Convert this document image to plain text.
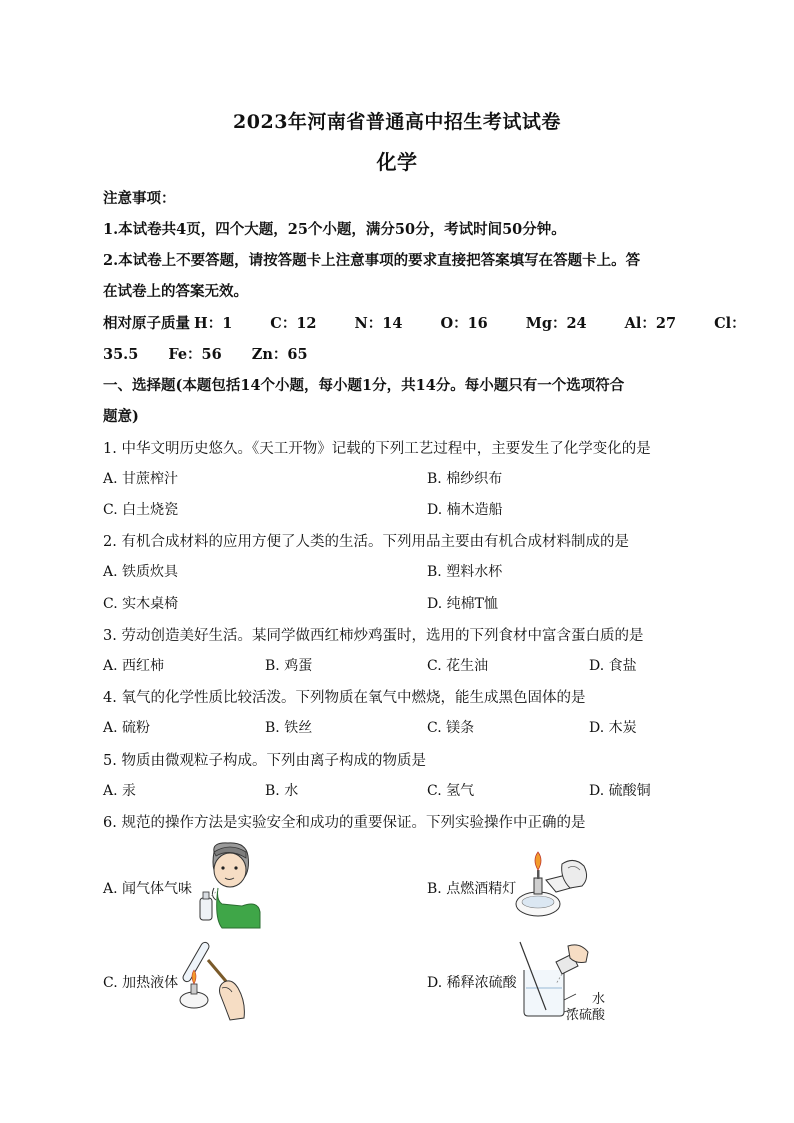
2023年河南省普通高中招生考试试卷
化学
注意事项：
1.本试卷共4页，四个大题，25个小题，满分50分，考试时间50分钟。
2.本试卷上不要答题，请按答题卡上注意事项的要求直接把答案填写在答题卡上。答
在试卷上的答案无效。
相对原子质量 H：1	C：12	N：14	O：16	Mg：24	Al：27	Cl：
35.5 Fe：56 Zn：65
一、选择题(本题包括14个小题，每小题1分，共14分。每小题只有一个选项符合
题意)
1. 中华文明历史悠久。《天工开物》记载的下列工艺过程中，主要发生了化学变化的是
A. 甘蔗榨汁	B. 棉纱织布
C. 白土烧瓷	D. 楠木造船
2. 有机合成材料的应用方便了人类的生活。下列用品主要由有机合成材料制成的是
A. 铁质炊具	B. 塑料水杯
C. 实木桌椅	D. 纯棉T恤
3. 劳动创造美好生活。某同学做西红柿炒鸡蛋时，选用的下列食材中富含蛋白质的是
A. 西红柿	B. 鸡蛋	C. 花生油	D. 食盐
4. 氧气的化学性质比较活泼。下列物质在氧气中燃烧，能生成黑色固体的是
A. 硫粉	B. 铁丝	C. 镁条	D. 木炭
5. 物质由微观粒子构成。下列由离子构成的物质是
A. 汞	B. 水	C. 氢气	D. 硫酸铜
6. 规范的操作方法是实验安全和成功的重要保证。下列实验操作中正确的是
A. 闻气体气味	B. 点燃酒精灯
C. 加热液体	D. 稀释浓硫酸
水
浓硫酸
